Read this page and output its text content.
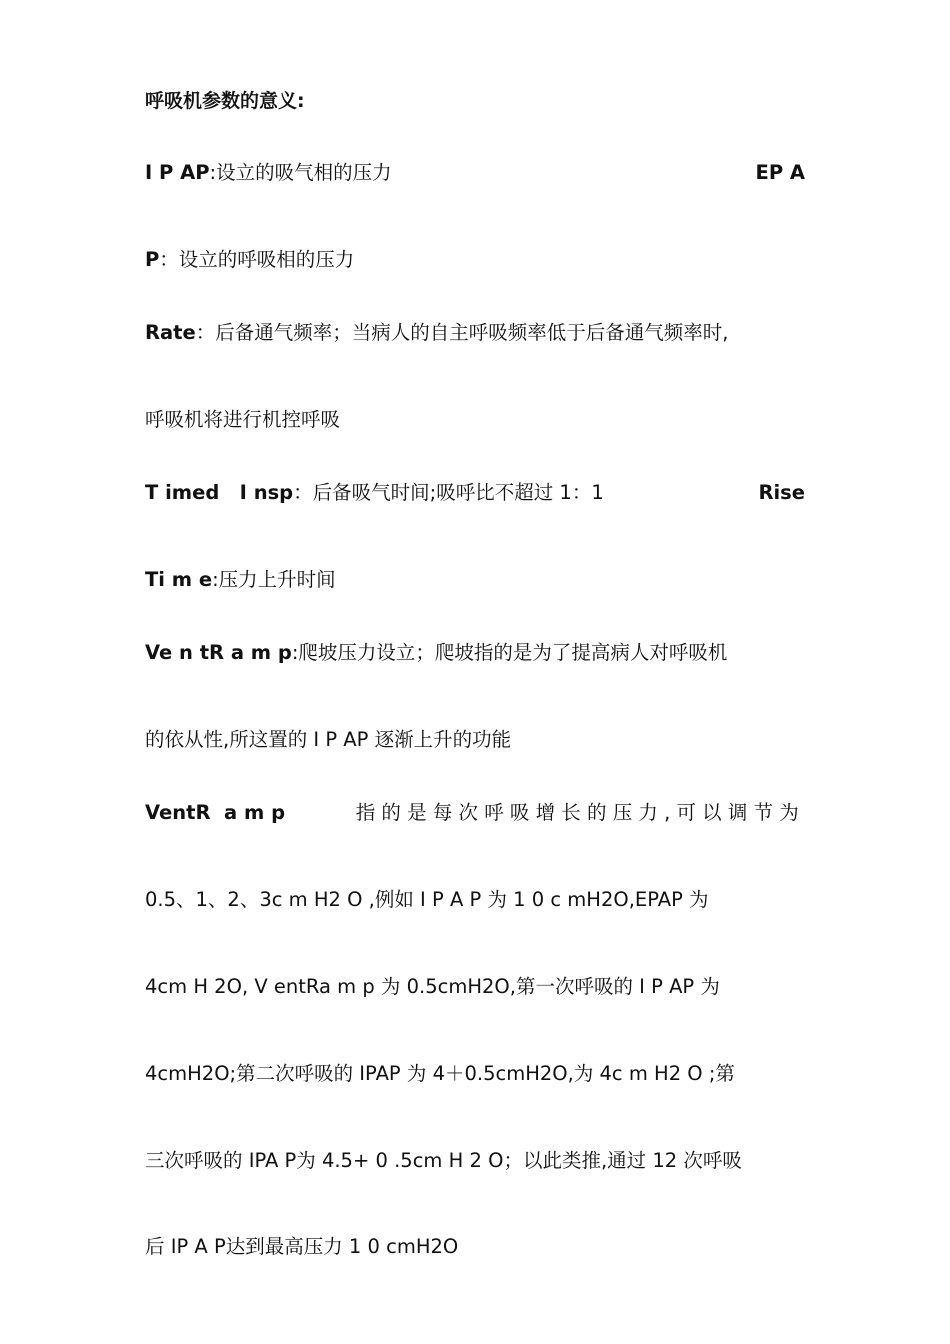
呼吸机参数的意义:
I P AP:设立的吸气相的压力	EP A
P：设立的呼吸相的压力
Rate：后备通气频率；当病人的自主呼吸频率低于后备通气频率时,
呼吸机将进行机控呼吸
T imed   I nsp：后备吸气时间;吸呼比不超过 1：1	Rise
Ti m e:压力上升时间
Ve n tR a m p:爬坡压力设立；爬坡指的是为了提高病人对呼吸机
的依从性,所这置的 I P AP 逐渐上升的功能
VentR  a m p	指的是每次呼吸增长的压力,可以调节为
0.5、1、2、3c m H2 O ,例如 I P A P 为 1 0 c mH2O,EPAP 为
4cm H 2O, V entRa m p 为 0.5cmH2O,第一次呼吸的 I P AP 为
4cmH2O;第二次呼吸的 IPAP 为 4＋0.5cmH2O,为 4c m H2 O ;第
三次呼吸的 IPA P为 4.5+ 0 .5cm H 2 O；以此类推,通过 12 次呼吸
后 IP A P达到最高压力 1 0 cmH2O
